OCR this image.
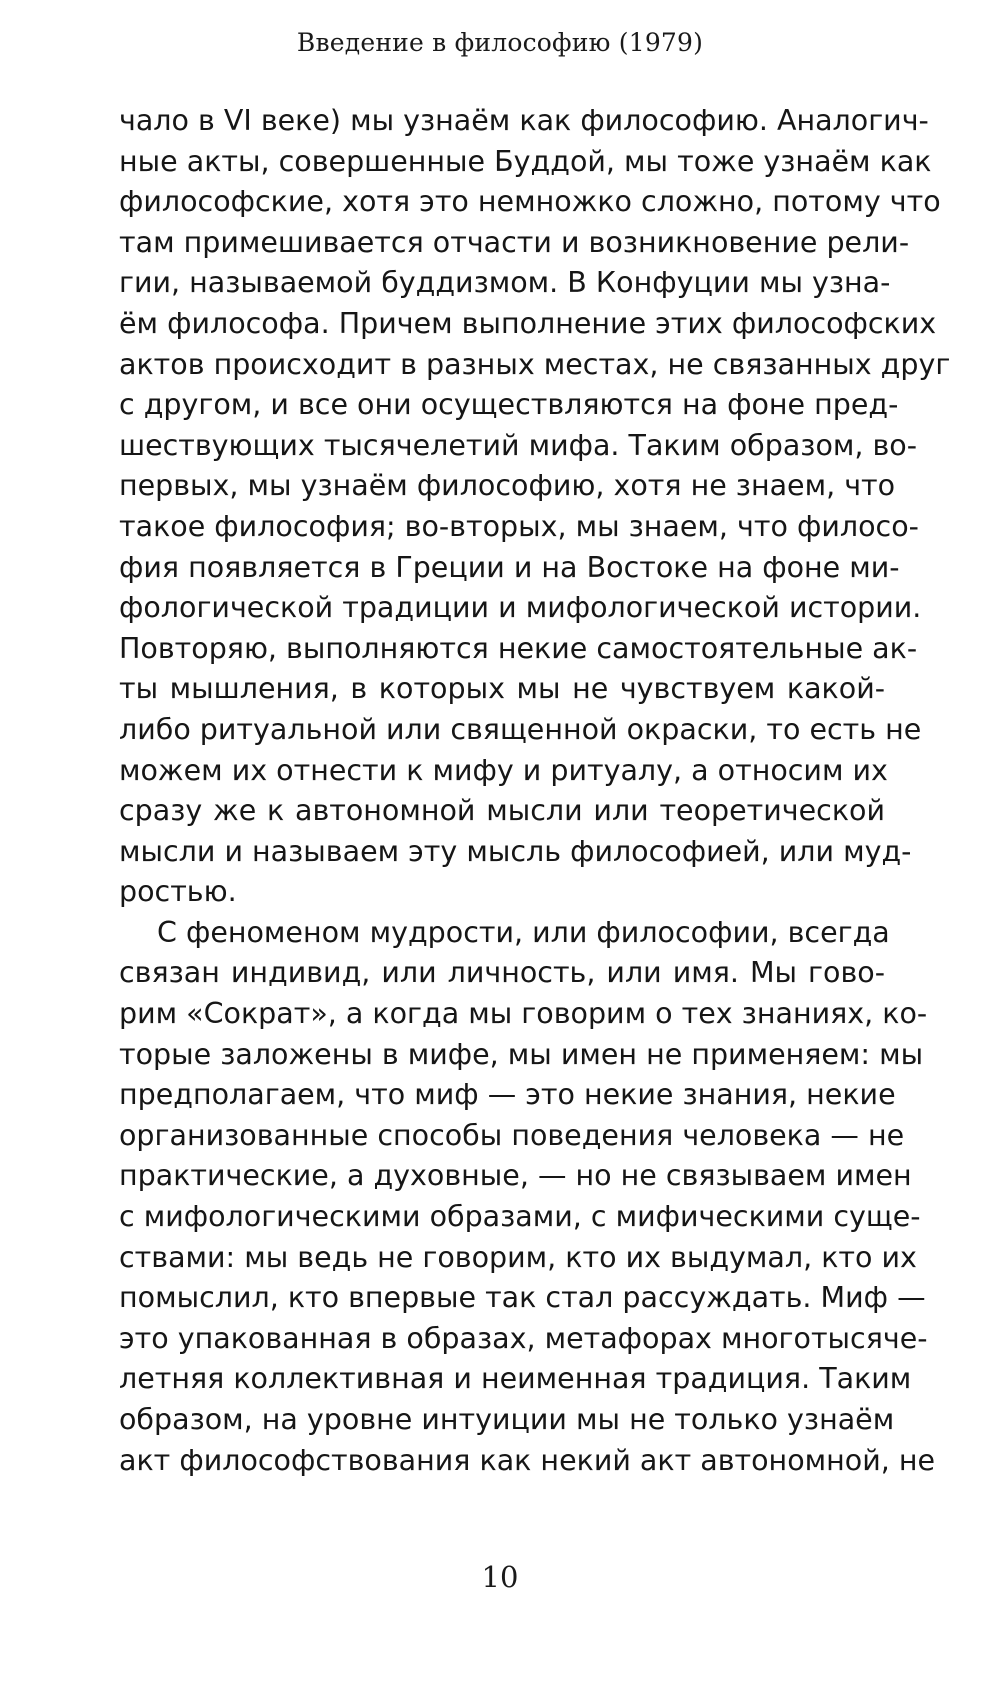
Введение в философию (1979)
чало в VI веке) мы узнаём как философию. Аналогич-
ные акты, совершенные Буддой, мы тоже узнаём как
философские, хотя это немножко сложно, потому что
там примешивается отчасти и возникновение рели-
гии, называемой буддизмом. В Конфуции мы узна-
ём философа. Причем выполнение этих философских
актов происходит в разных местах, не связанных друг
с другом, и все они осуществляются на фоне пред-
шествующих тысячелетий мифа. Таким образом, во-
первых, мы узнаём философию, хотя не знаем, что
такое философия; во-вторых, мы знаем, что филосо-
фия появляется в Греции и на Востоке на фоне ми-
фологической традиции и мифологической истории.
Повторяю, выполняются некие самостоятельные ак-
ты мышления, в которых мы не чувствуем какой-
либо ритуальной или священной окраски, то есть не
можем их отнести к мифу и ритуалу, а относим их
сразу же к автономной мысли или теоретической
мысли и называем эту мысль философией, или муд-
ростью.
С феноменом мудрости, или философии, всегда
связан индивид, или личность, или имя. Мы гово-
рим «Сократ», а когда мы говорим о тех знаниях, ко-
торые заложены в мифе, мы имен не применяем: мы
предполагаем, что миф — это некие знания, некие
организованные способы поведения человека — не
практические, а духовные, — но не связываем имен
с мифологическими образами, с мифическими суще-
ствами: мы ведь не говорим, кто их выдумал, кто их
помыслил, кто впервые так стал рассуждать. Миф —
это упакованная в образах, метафорах многотысяче-
летняя коллективная и неименная традиция. Таким
образом, на уровне интуиции мы не только узнаём
акт философствования как некий акт автономной, не
10
